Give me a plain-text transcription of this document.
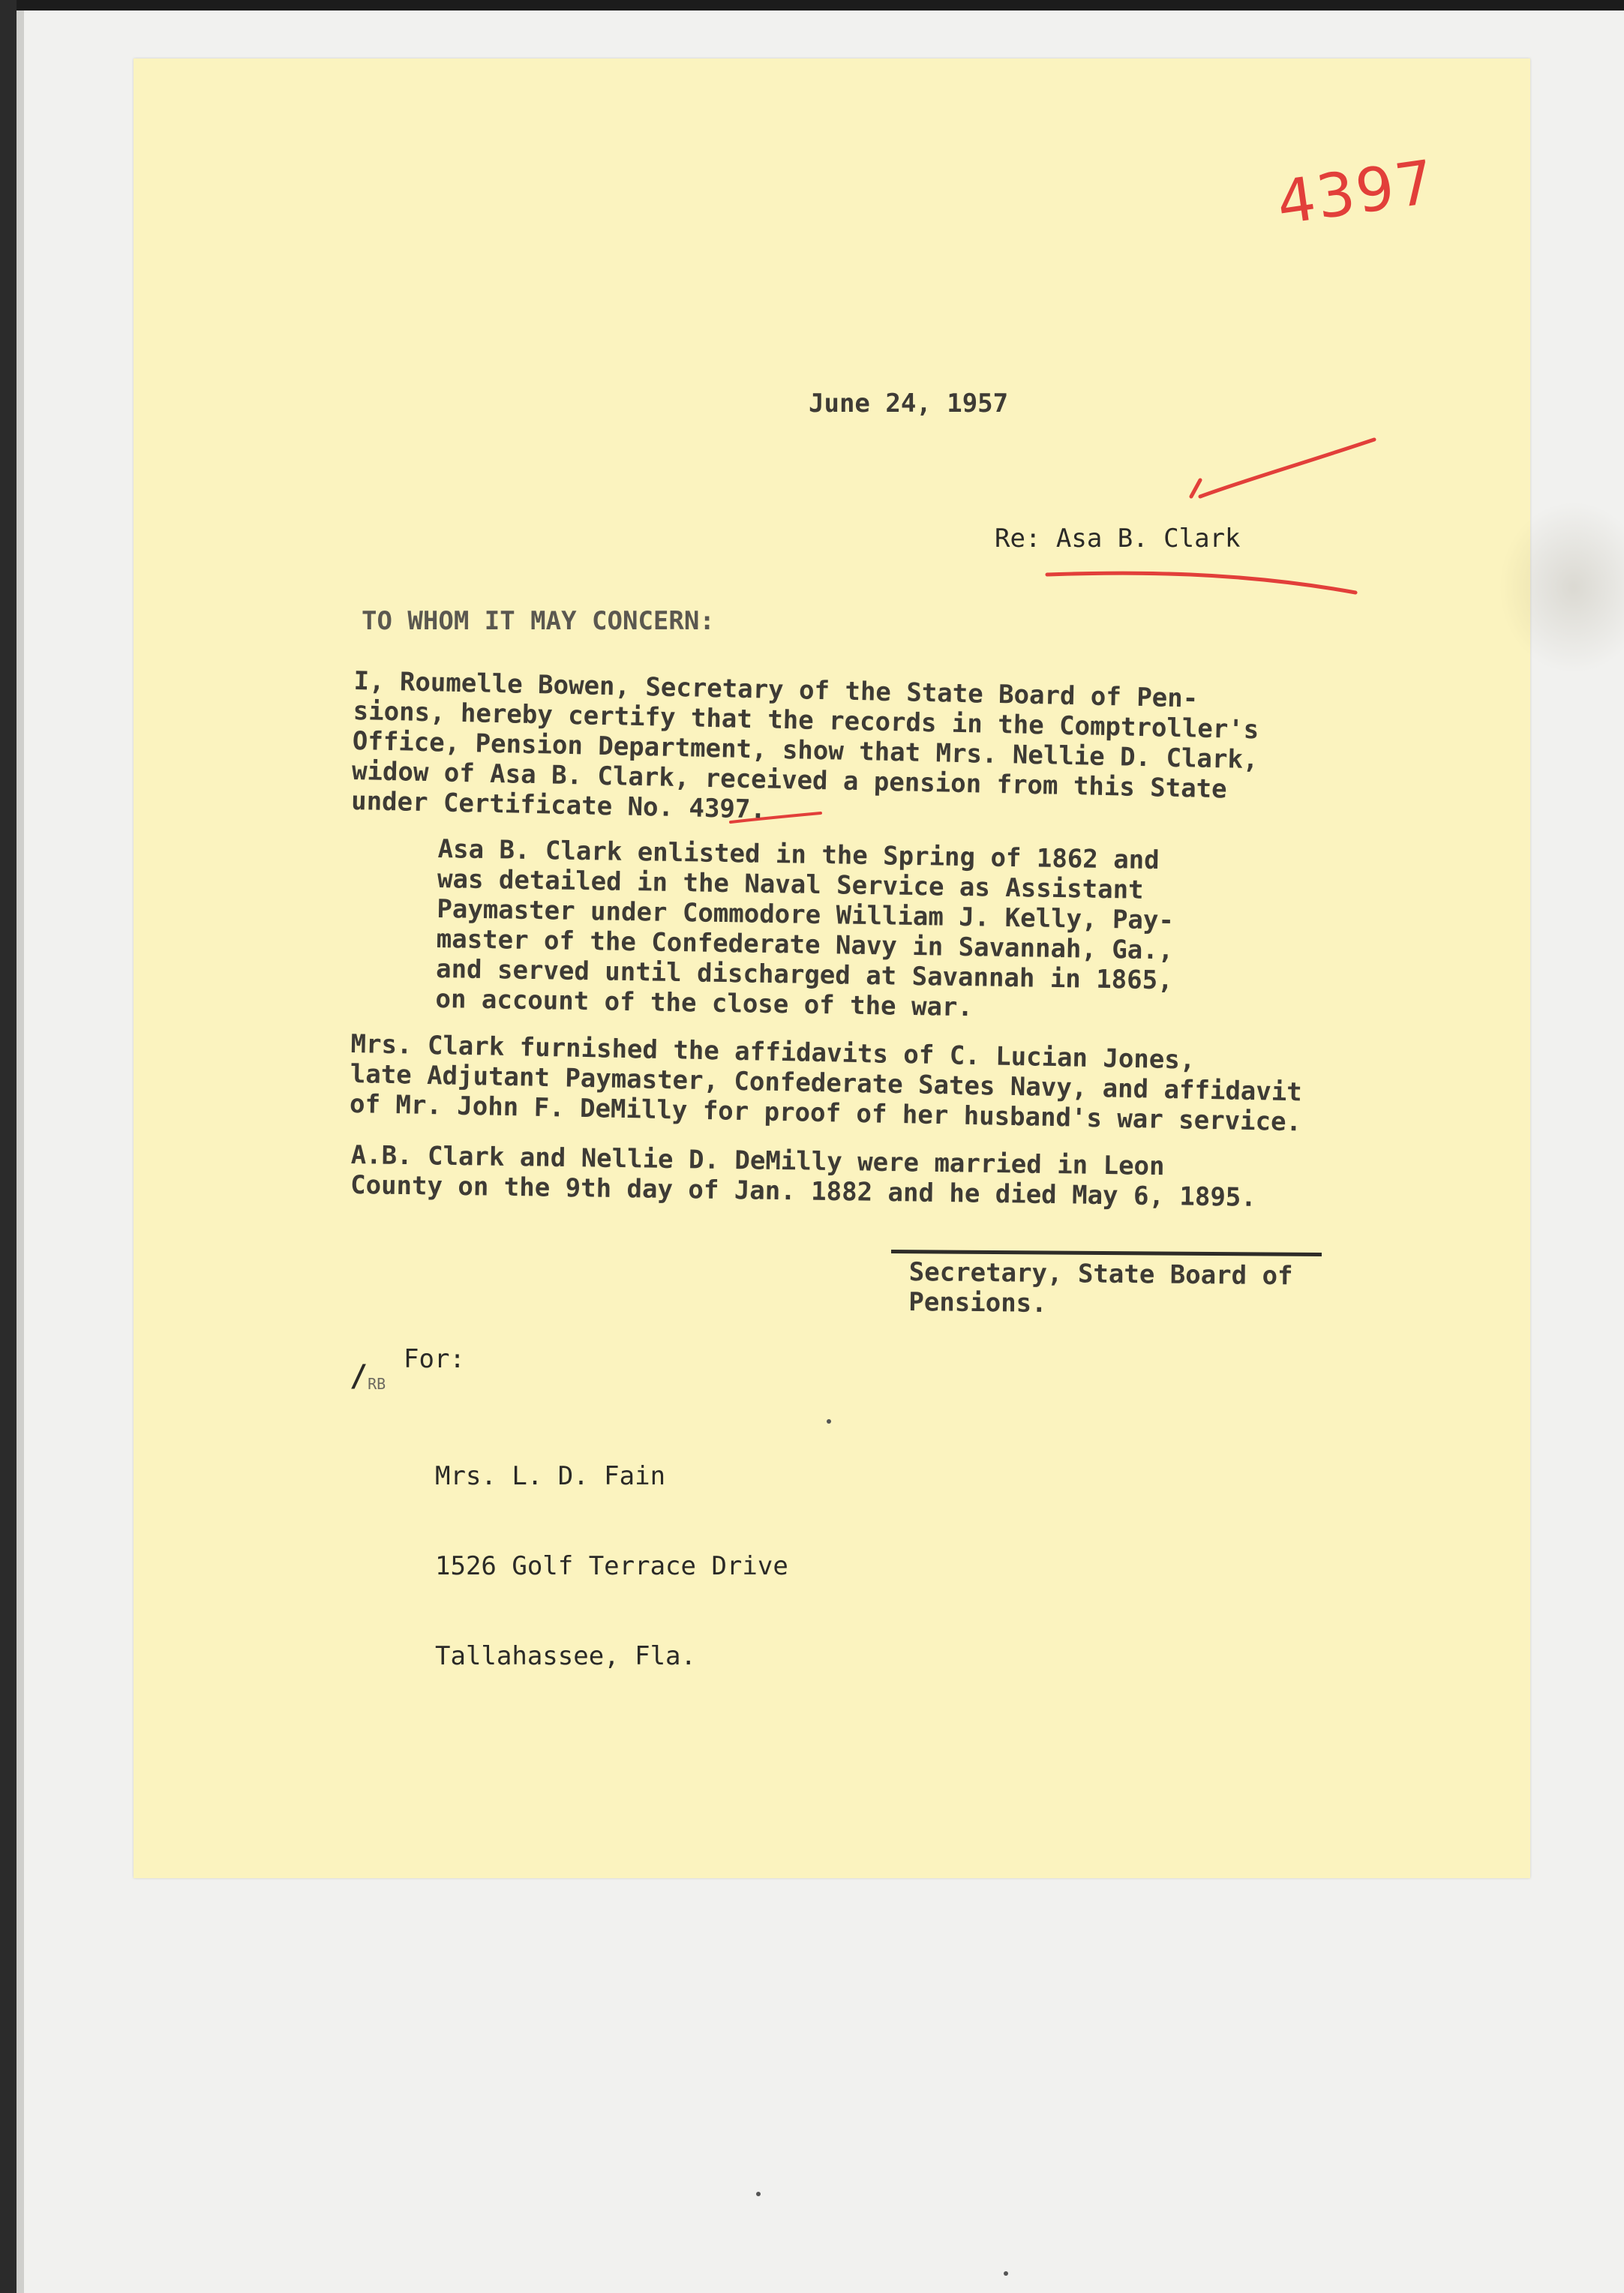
4397
June 24, 1957
Re: Asa B. Clark
TO WHOM IT MAY CONCERN:
I, Roumelle Bowen, Secretary of the State Board of Pen-
sions, hereby certify that the records in the Comptroller's
Office, Pension Department, show that Mrs. Nellie D. Clark,
widow of Asa B. Clark, received a pension from this State
under Certificate No. 4397.
Asa B. Clark enlisted in the Spring of 1862 and
was detailed in the Naval Service as Assistant
Paymaster under Commodore William J. Kelly, Pay-
master of the Confederate Navy in Savannah, Ga.,
and served until discharged at Savannah in 1865,
on account of the close of the war.
Mrs. Clark furnished the affidavits of C. Lucian Jones,
late Adjutant Paymaster, Confederate Sates Navy, and affidavit
of Mr. John F. DeMilly for proof of her husband's war service.
A.B. Clark and Nellie D. DeMilly were married in Leon
County on the 9th day of Jan. 1882 and he died May 6, 1895.
Secretary, State Board of
Pensions.
/RB
For:

Mrs. L. D. Fain

1526 Golf Terrace Drive

Tallahassee, Fla.
